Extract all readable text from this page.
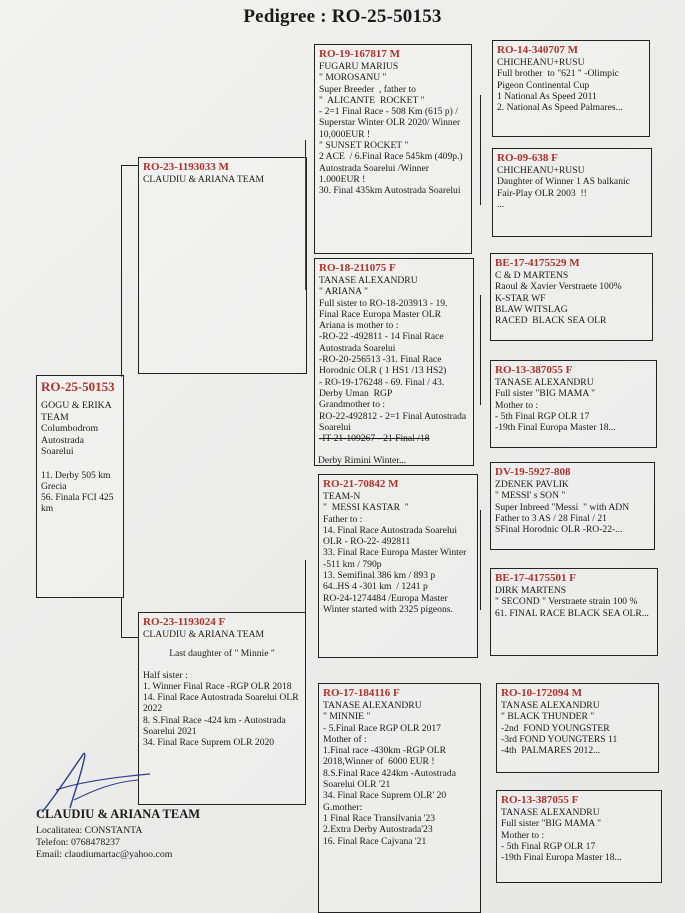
Pedigree : RO-25-50153
RO-25-50153
GOGU & ERIKA TEAM
Columbodrom Autostrada Soarelui
11. Derby 505 km  Grecia
56. Finala FCI 425 km
RO-23-1193033 M
CLAUDIU & ARIANA TEAM
RO-23-1193024 F
CLAUDIU & ARIANA TEAM
Last daughter of " Minnie "
Half sister :
1. Winner Final Race -RGP OLR 2018
14. Final Race Autostrada Soarelui OLR 2022
8. S.Final Race -424 km - Autostrada Soarelui 2021
34. Final Race Suprem OLR 2020
RO-19-167817 M
FUGARU MARIUS
" MOROSANU "
Super Breeder  , father to
"  ALICANTE  ROCKET "
- 2=1 Final Race - 508 Km (615 p) / Superstar Winter OLR 2020/ Winner 10,000EUR !
" SUNSET ROCKET "
2 ACE  / 6.Final Race 545km (409p.) Autostrada Soarelui /Winner 1.000EUR !
30. Final 435km Autostrada Soarelui
RO-18-211075 F
TANASE ALEXANDRU
" ARIANA "
Full sister to RO-18-203913 - 19. Final Race Europa Master OLR
Ariana is mother to :
-RO-22 -492811 - 14 Final Race Autostrada Soarelui
-RO-20-256513 -31. Final Race Horodnic OLR ( 1 HS1 /13 HS2)
- RO-19-176248 - 69. Final / 43. Derby Uman  RGP
Grandmother to :
RO-22-492812 - 2=1 Final Autostrada Soarelui
-IT-21-109267 - 21 Final /18
Derby Rimini Winter...
RO-21-70842 M
TEAM-N
"  MESSI KASTAR  "
Father to :
14. Final Race Autostrada Soarelui OLR - RO-22- 492811
33. Final Race Europa Master Winter -511 km / 790p
13. Semifinal 386 km / 893 p
64..HS 4 -301 km  / 1241 p
RO-24-1274484 /Europa Master Winter started with 2325 pigeons.
RO-17-184116 F
TANASE ALEXANDRU
" MINNIE "
- 5.Final Race RGP OLR 2017
Mother of :
1.Final race -430km -RGP OLR 2018,Winner of  6000 EUR !
8.S.Final Race 424km -Autostrada Soarelui OLR '21
34. Final Race Suprem OLR' 20
G.mother:
1 Final Race Transilvania '23
2.Extra Derby Autostrada'23
16. Final Race Cajvana '21
RO-14-340707 M
CHICHEANU+RUSU
Full brother  to "621 " -Olimpic Pigeon Continental Cup
1 National As Speed 2011
2. National As Speed Palmares...
RO-09-638 F
CHICHEANU+RUSU
Daughter of Winner 1 AS balkanic Fair-Play OLR 2003  !!
...
BE-17-4175529 M
C & D MARTENS
Raoul & Xavier Verstraete 100%
K-STAR WF
BLAW WITSLAG
RACED  BLACK SEA OLR
RO-13-387055 F
TANASE ALEXANDRU
Full sister "BIG MAMA "
Mother to :
- 5th Final RGP OLR 17
-19th Final Europa Master 18...
DV-19-5927-808
ZDENEK PAVLIK
" MESSI' s SON "
Super Inbreed "Messi  " with ADN
Father to 3 AS / 28 Final / 21
SFinal Horodnic OLR -RO-22-...
BE-17-4175501 F
DIRK MARTENS
" SECOND " Verstraete strain 100 %
61. FINAL RACE BLACK SEA OLR...
RO-10-172094 M
TANASE ALEXANDRU
" BLACK THUNDER "
-2nd  FOND YOUNGSTER
-3rd FOND YOUNGTERS 11
-4th  PALMARES 2012...
RO-13-387055 F
TANASE ALEXANDRU
Full sister "BIG MAMA "
Mother to :
- 5th Final RGP OLR 17
-19th Final Europa Master 18...
CLAUDIU & ARIANA TEAM
Localitatea: CONSTANTA
Telefon: 0768478237
Email: claudiumartac@yahoo.com
